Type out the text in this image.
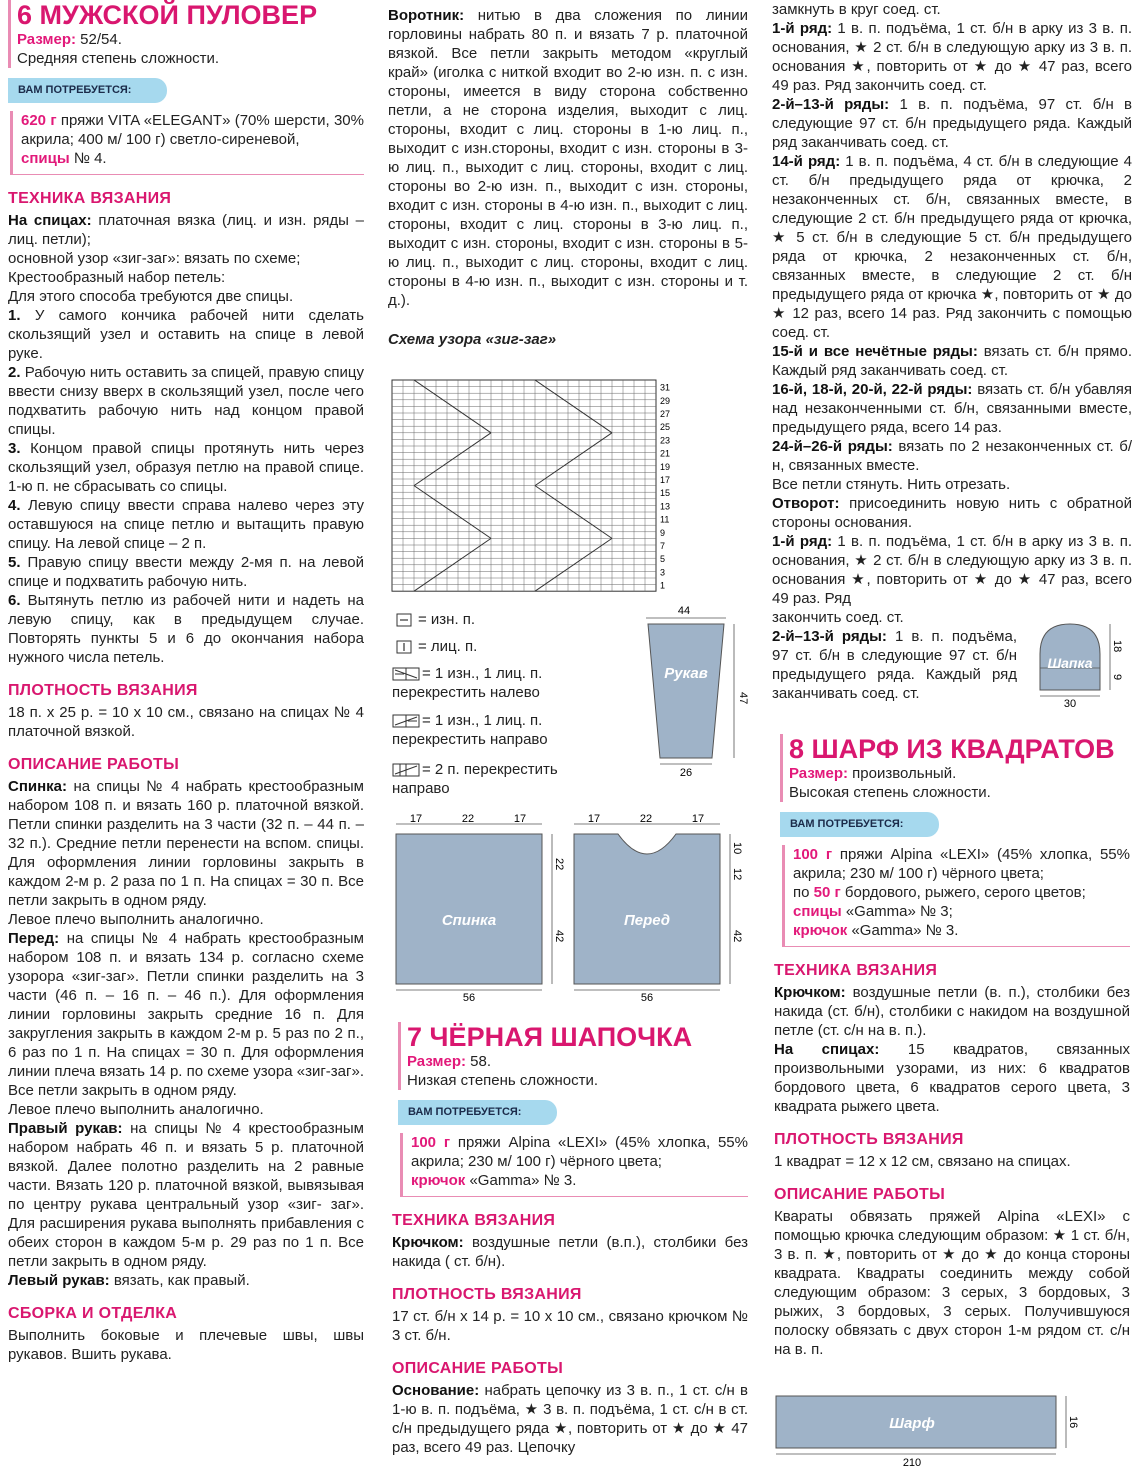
6 МУЖСКОЙ ПУЛОВЕР
Размер: 52/54.
Средняя степень сложности.
ВАМ ПОТРЕБУЕТСЯ:

620 г пряжи VITA «ELEGANT» (70% шерсти, 30% акрила; 400 м/ 100 г) светло-сиреневой,

спицы № 4.

ТЕХНИКА ВЯЗАНИЯ

На спицах: платочная вязка (лиц. и изн. ряды – лиц. петли);

основной узор «зиг-заг»: вязать по схеме;

Крестообразный набор петель:

Для этого способа требуются две спицы.

1. У самого кончика рабочей нити сделать скользящий узел и оставить на спице в левой руке.

2. Рабочую нить оставить за спицей, правую спицу ввести снизу вверх в скользящий узел, после чего подхватить рабочую нить над концом правой спицы.

3. Концом правой спицы протянуть нить через скользящий узел, образуя петлю на правой спице. 1-ю п. не сбрасывать со спицы.

4. Левую спицу ввести справа налево через эту оставшуюся на спице петлю и вытащить правую спицу. На левой спице – 2 п.

5. Правую спицу ввести между 2-мя п. на левой спице и подхватить рабочую нить.

6. Вытянуть петлю из рабочей нити и надеть на левую спицу, как в предыдущем случае. Повторять пункты 5 и 6 до окончания набора нужного числа петель.

ПЛОТНОСТЬ ВЯЗАНИЯ

18 п. x 25 р. = 10 x 10 см., связано на спицах № 4 платочной вязкой.

ОПИСАНИЕ РАБОТЫ

Спинка: на спицы № 4 набрать крестообразным набором 108 п. и вязать 160 р. платочной вязкой. Петли спинки разделить на 3 части (32 п. – 44 п. – 32 п.). Средние петли перенести на вспом. спицы. Для оформления линии горловины закрыть в каждом 2-м р. 2 раза по 1 п. На спицах = 30 п. Все петли закрыть в одном ряду.

Левое плечо выполнить аналогично.

Перед: на спицы № 4 набрать крестообразным набором 108 п. и вязать 134 р. согласно схеме узорора «зиг-заг». Петли спинки разделить на 3 части (46 п. – 16 п. – 46 п.). Для оформления линии горловины закрыть средние 16 п. Для закругления закрыть в каждом 2-м р. 5 раз по 2 п., 6 раз по 1 п. На спицах = 30 п. Для оформления линии плеча вязать 14 р. по схеме узора «зиг-заг». Все петли закрыть в одном ряду.

Левое плечо выполнить аналогично.

Правый рукав: на спицы № 4 крестообразным набором набрать 46 п. и вязать 5 р. платочной вязкой. Далее полотно разделить на 2 равные части. Вязать 120 р. платочной вязкой, вывязывая по центру рукава центральный узор «зиг- заг». Для расширения рукава выполнять прибавления с обеих сторон в каждом 5-м р. 29 раз по 1 п. Все петли закрыть в одном ряду.

Левый рукав: вязать, как правый.

СБОРКА И ОТДЕЛКА

Выполнить боковые и плечевые швы, швы рукавов. Вшить рукава.

Воротник: нитью в два сложения по линии горловины набрать 80 п. и вязать 7 р. платочной вязкой. Все петли закрыть методом «круглый край» (иголка с ниткой входит во 2-ю изн. п. с изн. стороны, имеется в виду сторона собственно петли, а не сторона изделия, выходит с лиц. стороны, входит с лиц. стороны в 1-ю лиц. п., выходит с изн.стороны, входит с изн. стороны в 3-ю лиц. п., выходит с лиц. стороны, входит с лиц. стороны во 2-ю изн. п., выходит с изн. стороны, входит с изн. стороны в 4-ю изн. п., выходит с лиц. стороны, входит с лиц. стороны в 3-ю лиц. п., выходит с изн. стороны, входит с изн. стороны в 5-ю лиц. п., выходит с лиц. стороны, входит с лиц. стороны в 4-ю изн. п., выходит с изн. стороны и т. д.).

Схема узора «зиг-заг»
31
29
27
25
23
21
19
17
15
13
11
9
7
5
3
1
= изн. п.
= лиц. п.
= 1 изн., 1 лиц. п. перекрестить налево
= 1 изн., 1 лиц. п. перекрестить направо
= 2 п. перекрестить направо
44
Рукав
47
26
17	22	17
Спинка
22
42
56
17	22	17
Перед
10
12
42
56
7 ЧЁРНАЯ ШАПОЧКА
Размер: 58.
Низкая степень сложности.
ВАМ ПОТРЕБУЕТСЯ:

100 г пряжи Alpina «LEXI» (45% хлопка, 55% акрила; 230 м/ 100 г) чёрного цвета;

крючок «Gamma» № 3.

ТЕХНИКА ВЯЗАНИЯ

Крючком: воздушные петли (в.п.), столбики без накида ( ст. б/н).

ПЛОТНОСТЬ ВЯЗАНИЯ

17 ст. б/н x 14 р. = 10 x 10 см., связано крючком № 3 ст. б/н.

ОПИСАНИЕ РАБОТЫ

Основание: набрать цепочку из 3 в. п., 1 ст. с/н в 1-ю в. п. подъёма, ★ 3 в. п. подъёма, 1 ст. с/н в ст. с/н предыдущего ряда ★, повторить от ★ до ★ 47 раз, всего 49 раз. Цепочку

замкнуть в круг соед. ст.

1-й ряд: 1 в. п. подъёма, 1 ст. б/н в арку из 3 в. п. основания, ★ 2 ст. б/н в следующую арку из 3 в. п. основания ★, повторить от ★ до ★ 47 раз, всего 49 раз. Ряд закончить соед. ст.

2-й–13-й ряды: 1 в. п. подъёма, 97 ст. б/н в следующие 97 ст. б/н предыдущего ряда. Каждый ряд заканчивать соед. ст.

14-й ряд: 1 в. п. подъёма, 4 ст. б/н в следующие 4 ст. б/н предыдущего ряда от крючка, 2 незаконченных ст. б/н, связанных вместе, в следующие 2 ст. б/н предыдущего ряда от крючка, ★ 5 ст. б/н в следующие 5 ст. б/н предыдущего ряда от крючка, 2 незаконченных ст. б/н, связанных вместе, в следующие 2 ст. б/н предыдущего ряда от крючка ★, повторить от ★ до ★ 12 раз, всего 14 раз. Ряд закончить с помощью соед. ст.

15-й и все нечётные ряды: вязать ст. б/н прямо. Каждый ряд заканчивать соед. ст.

16-й, 18-й, 20-й, 22-й ряды: вязать ст. б/н убавляя над незаконченными ст. б/н, связанными вместе, предыдущего ряда, всего 14 раз.

24-й–26-й ряды: вязать по 2 незаконченных ст. б/н, связанных вместе.

Все петли стянуть. Нить отрезать.

Отворот: присоединить новую нить с обратной стороны основания.

1-й ряд: 1 в. п. подъёма, 1 ст. б/н в арку из 3 в. п. основания, ★ 2 ст. б/н в следующую арку из 3 в. п. основания ★, повторить от ★ до ★ 47 раз, всего 49 раз. Ряд

закончить соед. ст.

2-й–13-й ряды: 1 в. п. подъёма, 97 ст. б/н в следующие 97 ст. б/н предыдущего ряда. Каждый ряд заканчивать соед. ст.

Шапка
18
9
30
8 ШАРФ ИЗ КВАДРАТОВ
Размер: произвольный.
Высокая степень сложности.
ВАМ ПОТРЕБУЕТСЯ:

100 г пряжи Alpina «LEXI» (45% хлопка, 55% акрила; 230 м/ 100 г) чёрного цвета;

по 50 г бордового, рыжего, серого цветов;

спицы «Gamma» № 3;

крючок «Gamma» № 3.

ТЕХНИКА ВЯЗАНИЯ

Крючком: воздушные петли (в. п.), столбики без накида (ст. б/н), столбики с накидом на воздушной петле (ст. с/н на в. п.).

На спицах: 15 квадратов, связанных произвольными узорами, из них: 6 квадратов бордового цвета, 6 квадратов серого цвета, 3 квадрата рыжего цвета.

ПЛОТНОСТЬ ВЯЗАНИЯ

1 квадрат = 12 x 12 см, связано на спицах.

ОПИСАНИЕ РАБОТЫ

Квараты обвязать пряжей Alpina «LEXI» с помощью крючка следующим образом: ★ 1 ст. б/н, 3 в. п. ★, повторить от ★ до ★ до конца стороны квадрата. Квадраты соединить между собой следующим образом: 3 серых, 3 бордовых, 3 рыжих, 3 бордовых, 3 серых. Получившуюся полоску обвязать с двух сторон 1-м рядом ст. с/н на в. п.

Шарф	16
210
